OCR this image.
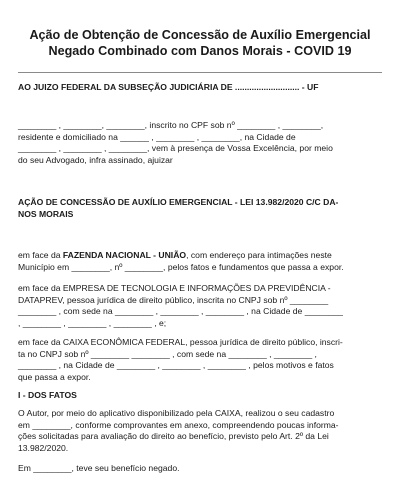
Ação de Obtenção de Concessão de Auxílio Emergencial
Negado Combinado com Danos Morais - COVID 19
AO JUIZO FEDERAL DA SUBSEÇÃO JUDICIÁRIA DE ........................... - UF
________ , ________, ________, inscrito no CPF sob nº ________ , ________,
residente e domiciliado na ______ , ________ , ________, na Cidade de
________ , ________ , ________, vem à presença de Vossa Excelência, por meio
do seu Advogado, infra assinado, ajuizar
AÇÃO DE CONCESSÃO DE AUXÍLIO EMERGENCIAL - LEI 13.982/2020 C/C DA-
NOS MORAIS
em face da FAZENDA NACIONAL - UNIÃO, com endereço para intimações neste
Município em ________, nº ________, pelos fatos e fundamentos que passa a expor.
em face da EMPRESA DE TECNOLOGIA E INFORMAÇÕES DA PREVIDÊNCIA -
DATAPREV, pessoa jurídica de direito público, inscrita no CNPJ sob nº ________
________ , com sede na ________ , ________ , ________ , na Cidade de ________
, ________ , ________ , ________ , e;
em face da CAIXA ECONÔMICA FEDERAL, pessoa jurídica de direito público, inscri-
ta no CNPJ sob nº ________ ________ , com sede na ________ , ________ ,
________ , na Cidade de ________ , ________ , ________ , pelos motivos e fatos
que passa a expor.
I - DOS FATOS
O Autor, por meio do aplicativo disponibilizado pela CAIXA, realizou o seu cadastro
em ________, conforme comprovantes em anexo, compreendendo poucas informa-
ções solicitadas para avaliação do direito ao benefício, previsto pelo Art. 2º da Lei
13.982/2020.
Em ________, teve seu benefício negado.
